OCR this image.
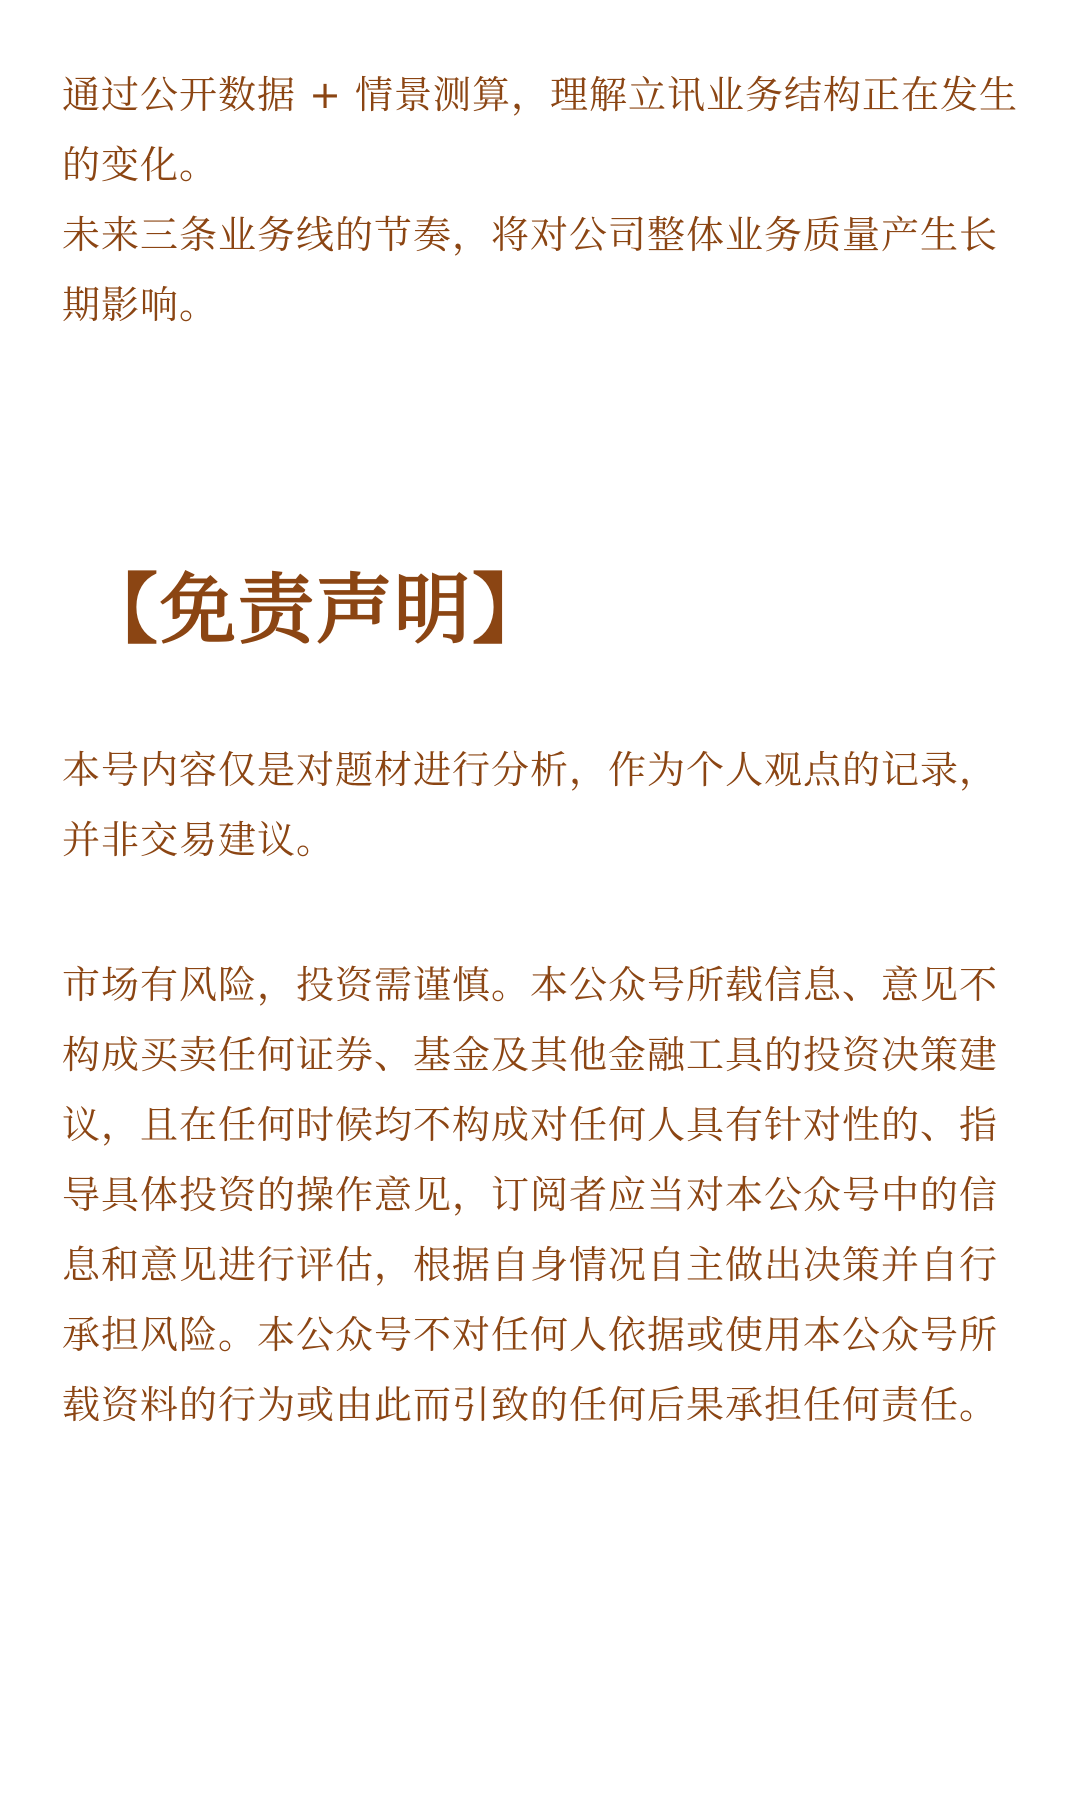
通过公开数据 + 情景测算，理解立讯业务结构正在发生的变化。

未来三条业务线的节奏，将对公司整体业务质量产生长期影响。

【免责声明】

本号内容仅是对题材进行分析，作为个人观点的记录，并非交易建议。

市场有风险，投资需谨慎。本公众号所载信息、意见不构成买卖任何证券、基金及其他金融工具的投资决策建议，且在任何时候均不构成对任何人具有针对性的、指导具体投资的操作意见，订阅者应当对本公众号中的信息和意见进行评估，根据自身情况自主做出决策并自行承担风险。本公众号不对任何人依据或使用本公众号所载资料的行为或由此而引致的任何后果承担任何责任。
